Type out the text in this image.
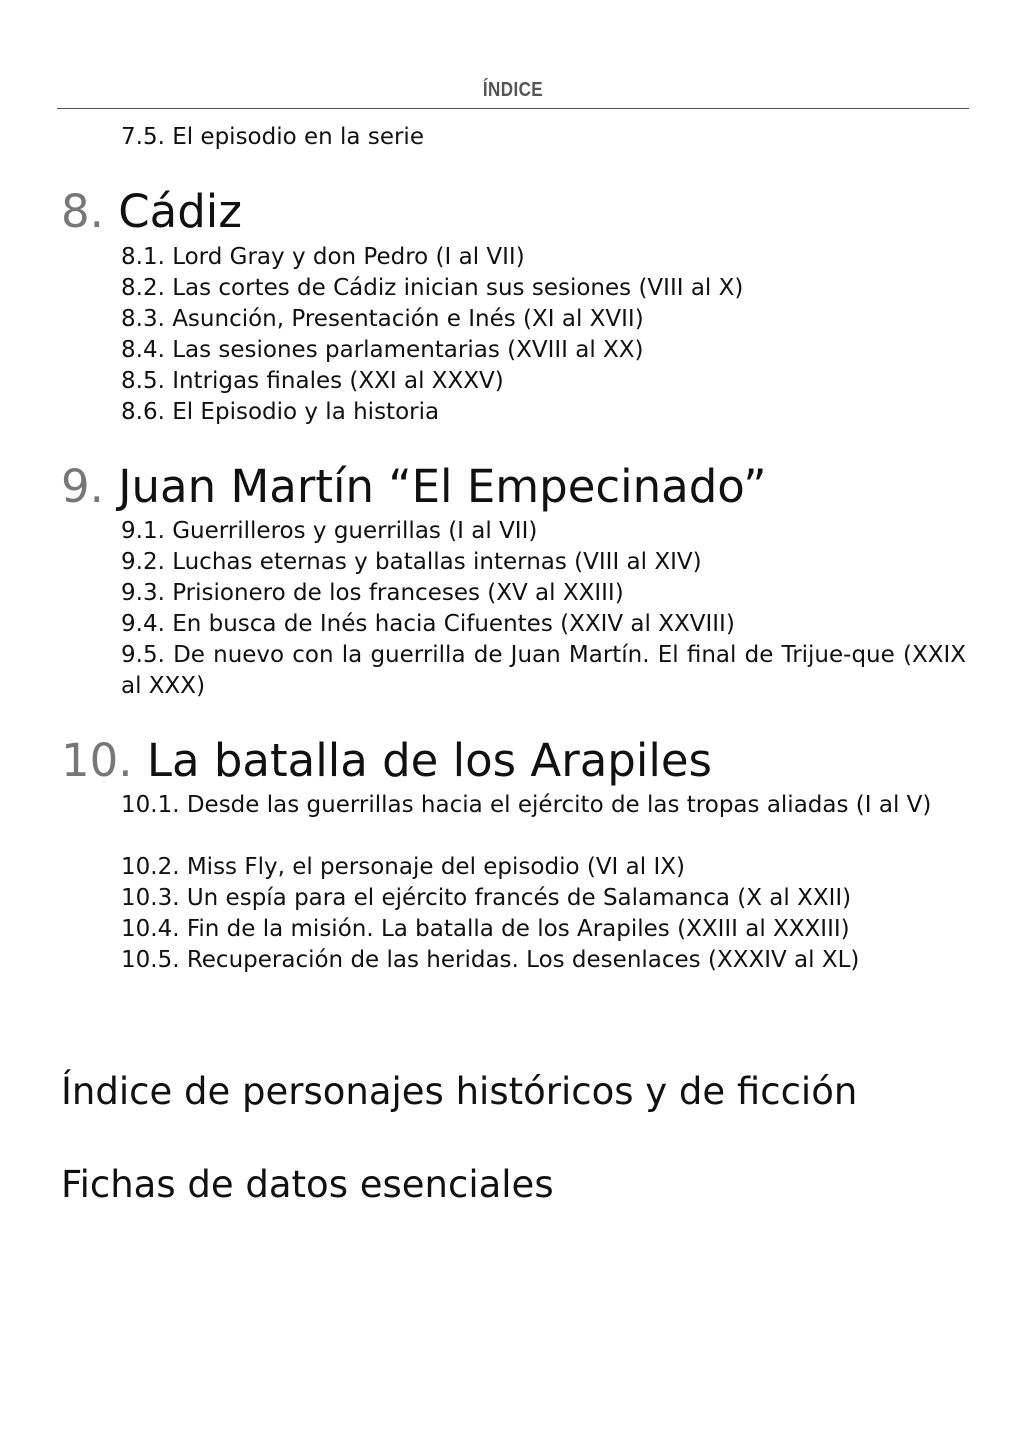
ÍNDICE
7.5. El episodio en la serie
8. Cádiz
8.1. Lord Gray y don Pedro (I al VII)
8.2. Las cortes de Cádiz inician sus sesiones (VIII al X)
8.3. Asunción, Presentación e Inés (XI al XVII)
8.4. Las sesiones parlamentarias (XVIII al XX)
8.5. Intrigas finales (XXI al XXXV)
8.6. El Episodio y la historia
9. Juan Martín “El Empecinado”
9.1. Guerrilleros y guerrillas (I al VII)
9.2. Luchas eternas y batallas internas (VIII al XIV)
9.3. Prisionero de los franceses (XV al XXIII)
9.4. En busca de Inés hacia Cifuentes (XXIV al XXVIII)
9.5. De nuevo con la guerrilla de Juan Martín. El final de Trijue-que (XXIX al XXX)
10. La batalla de los Arapiles
10.1. Desde las guerrillas hacia el ejército de las tropas aliadas (I al V)
10.2. Miss Fly, el personaje del episodio (VI al IX)
10.3. Un espía para el ejército francés de Salamanca (X al XXII)
10.4. Fin de la misión. La batalla de los Arapiles (XXIII al XXXIII)
10.5. Recuperación de las heridas. Los desenlaces (XXXIV al XL)
Índice de personajes históricos y de ficción
Fichas de datos esenciales
